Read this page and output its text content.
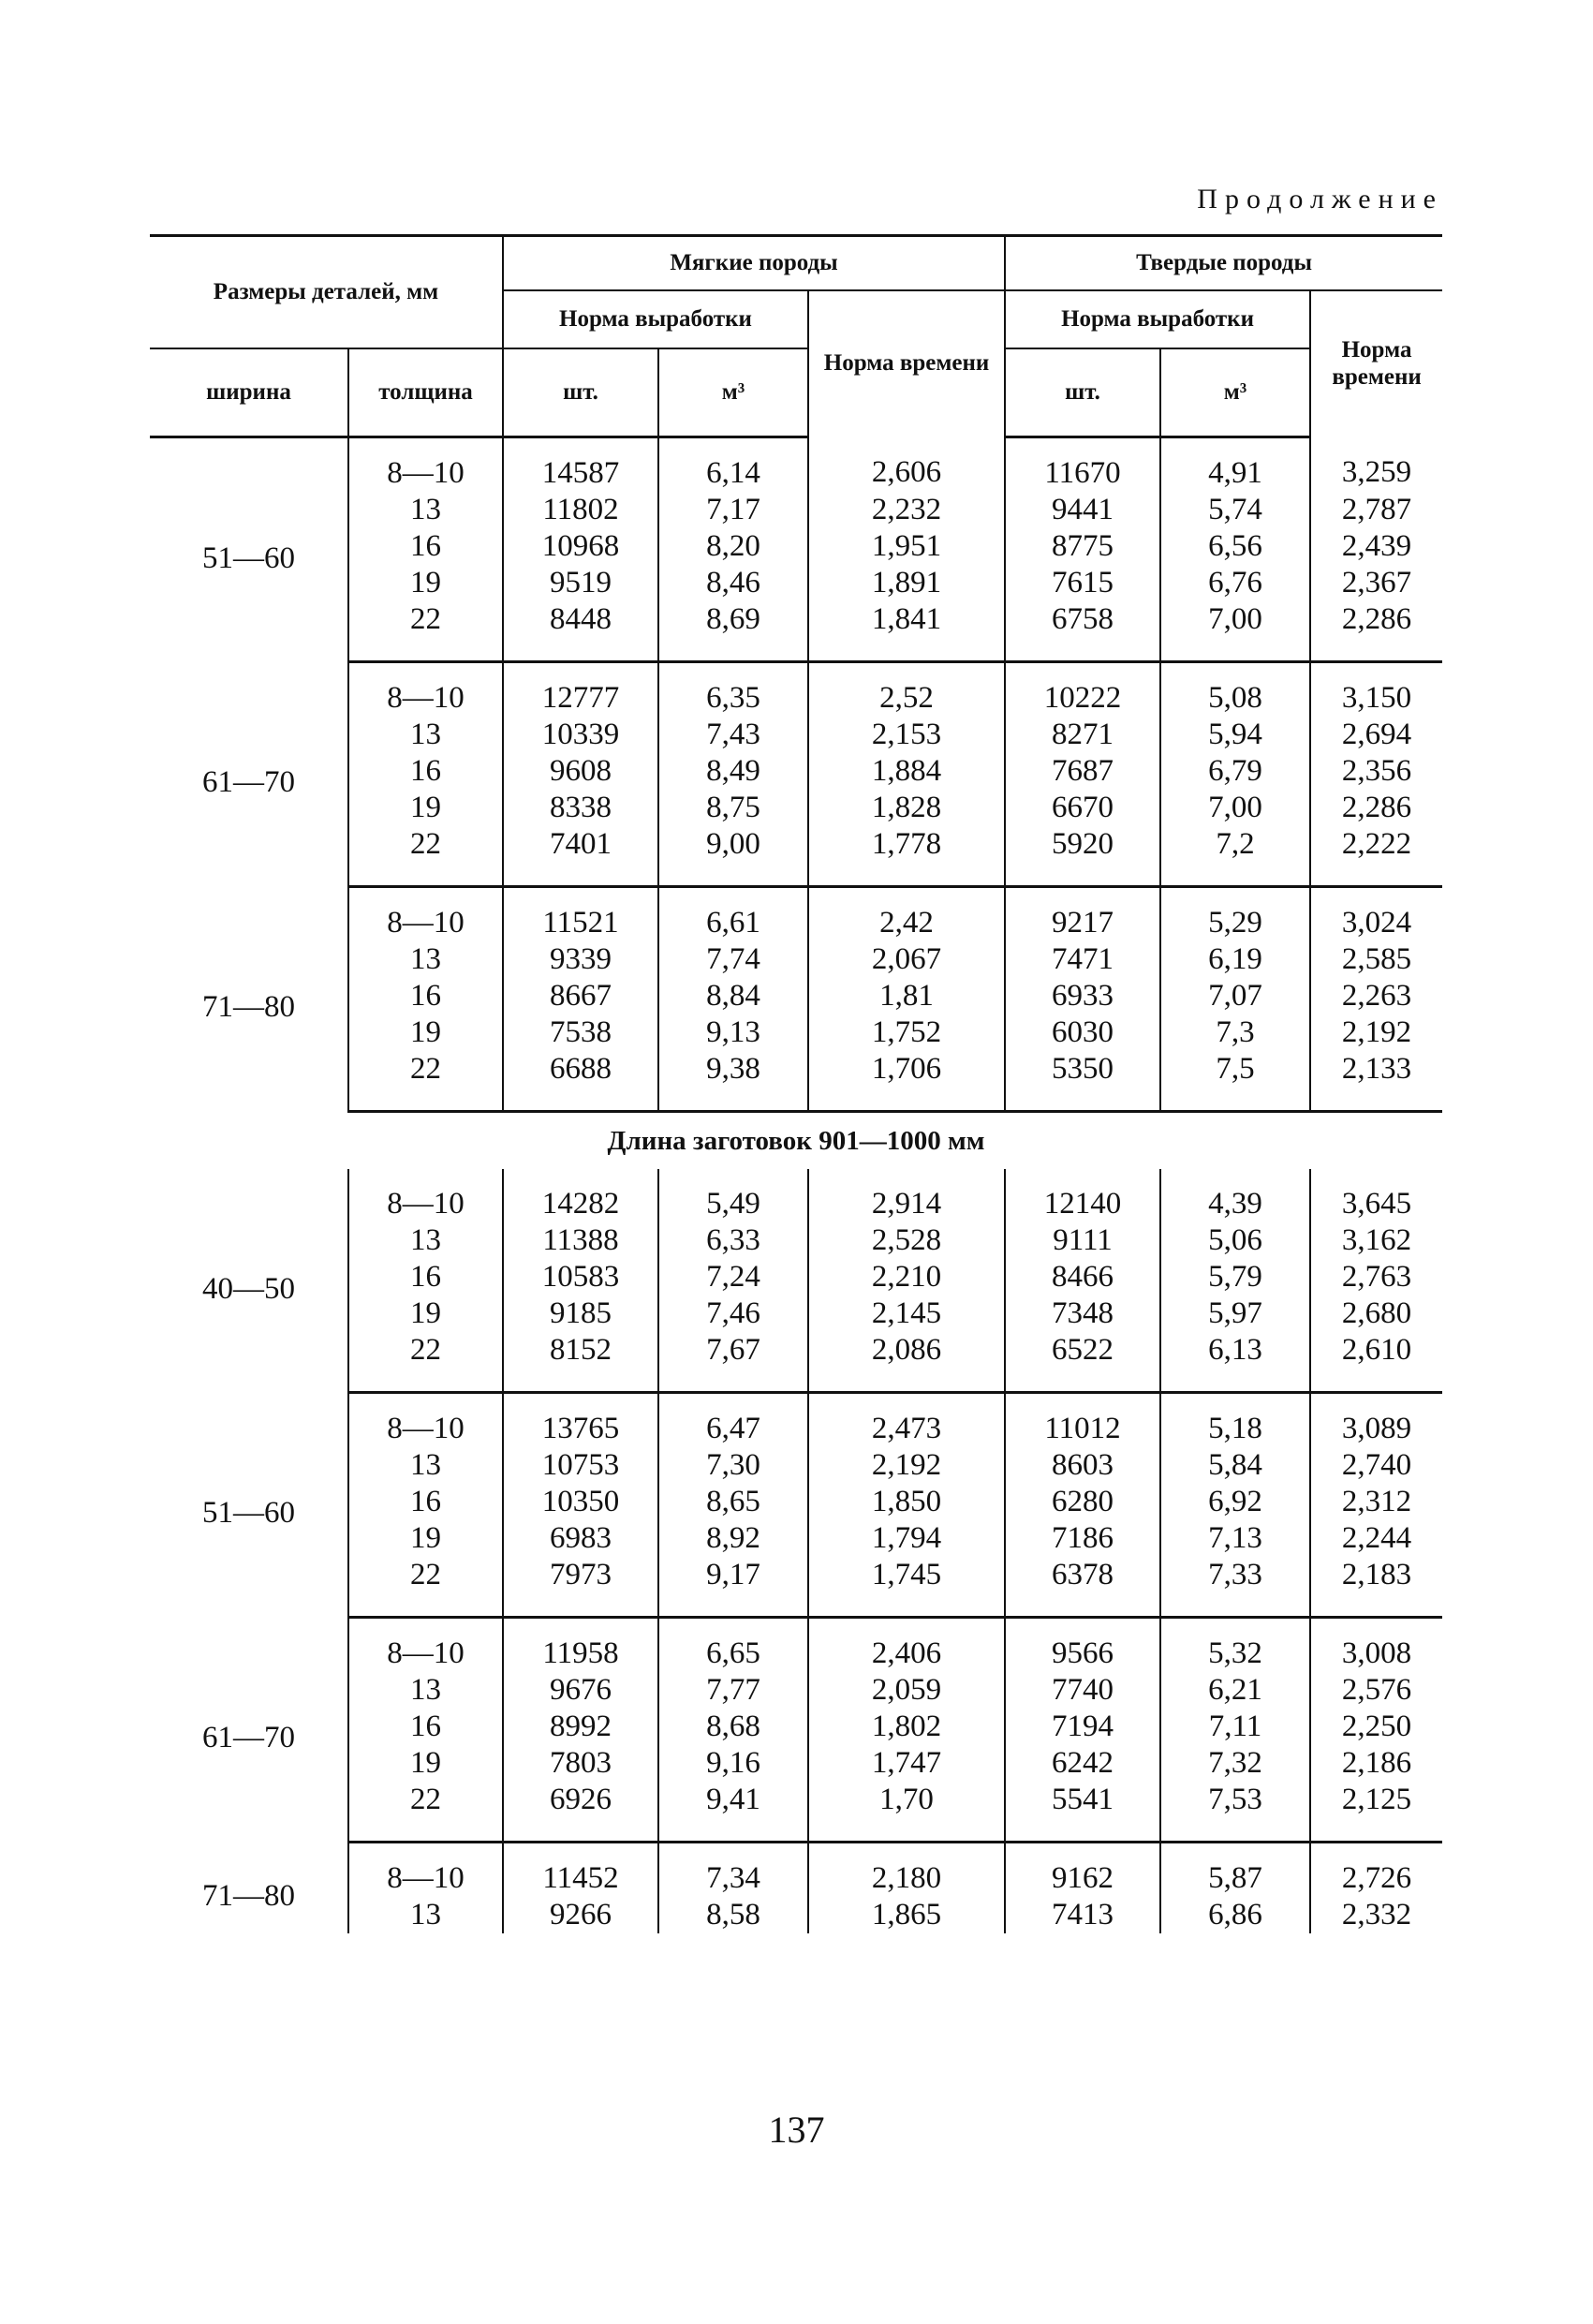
Продолжение
Размеры деталей, мм		Мягкие породы			Твердые породы		
		Норма выработки		Норма времени	Норма выработки		Норма времени
ширина	толщина	шт.	м³		шт.	м³	
51—60	8—10	14587	6,14	2,606	11670	4,91	3,259
	13	11802	7,17	2,232	9441	5,74	2,787
	16	10968	8,20	1,951	8775	6,56	2,439
	19	9519	8,46	1,891	7615	6,76	2,367
	22	8448	8,69	1,841	6758	7,00	2,286
61—70	8—10	12777	6,35	2,52	10222	5,08	3,150
	13	10339	7,43	2,153	8271	5,94	2,694
	16	9608	8,49	1,884	7687	6,79	2,356
	19	8338	8,75	1,828	6670	7,00	2,286
	22	7401	9,00	1,778	5920	7,2	2,222
71—80	8—10	11521	6,61	2,42	9217	5,29	3,024
	13	9339	7,74	2,067	7471	6,19	2,585
	16	8667	8,84	1,81	6933	7,07	2,263
	19	7538	9,13	1,752	6030	7,3	2,192
	22	6688	9,38	1,706	5350	7,5	2,133
Длина заготовок 901—1000 мм							
40—50	8—10	14282	5,49	2,914	12140	4,39	3,645
	13	11388	6,33	2,528	9111	5,06	3,162
	16	10583	7,24	2,210	8466	5,79	2,763
	19	9185	7,46	2,145	7348	5,97	2,680
	22	8152	7,67	2,086	6522	6,13	2,610
51—60	8—10	13765	6,47	2,473	11012	5,18	3,089
	13	10753	7,30	2,192	8603	5,84	2,740
	16	10350	8,65	1,850	6280	6,92	2,312
	19	6983	8,92	1,794	7186	7,13	2,244
	22	7973	9,17	1,745	6378	7,33	2,183
61—70	8—10	11958	6,65	2,406	9566	5,32	3,008
	13	9676	7,77	2,059	7740	6,21	2,576
	16	8992	8,68	1,802	7194	7,11	2,250
	19	7803	9,16	1,747	6242	7,32	2,186
	22	6926	9,41	1,70	5541	7,53	2,125
71—80	8—10	11452	7,34	2,180	9162	5,87	2,726
	13	9266	8,58	1,865	7413	6,86	2,332
137
